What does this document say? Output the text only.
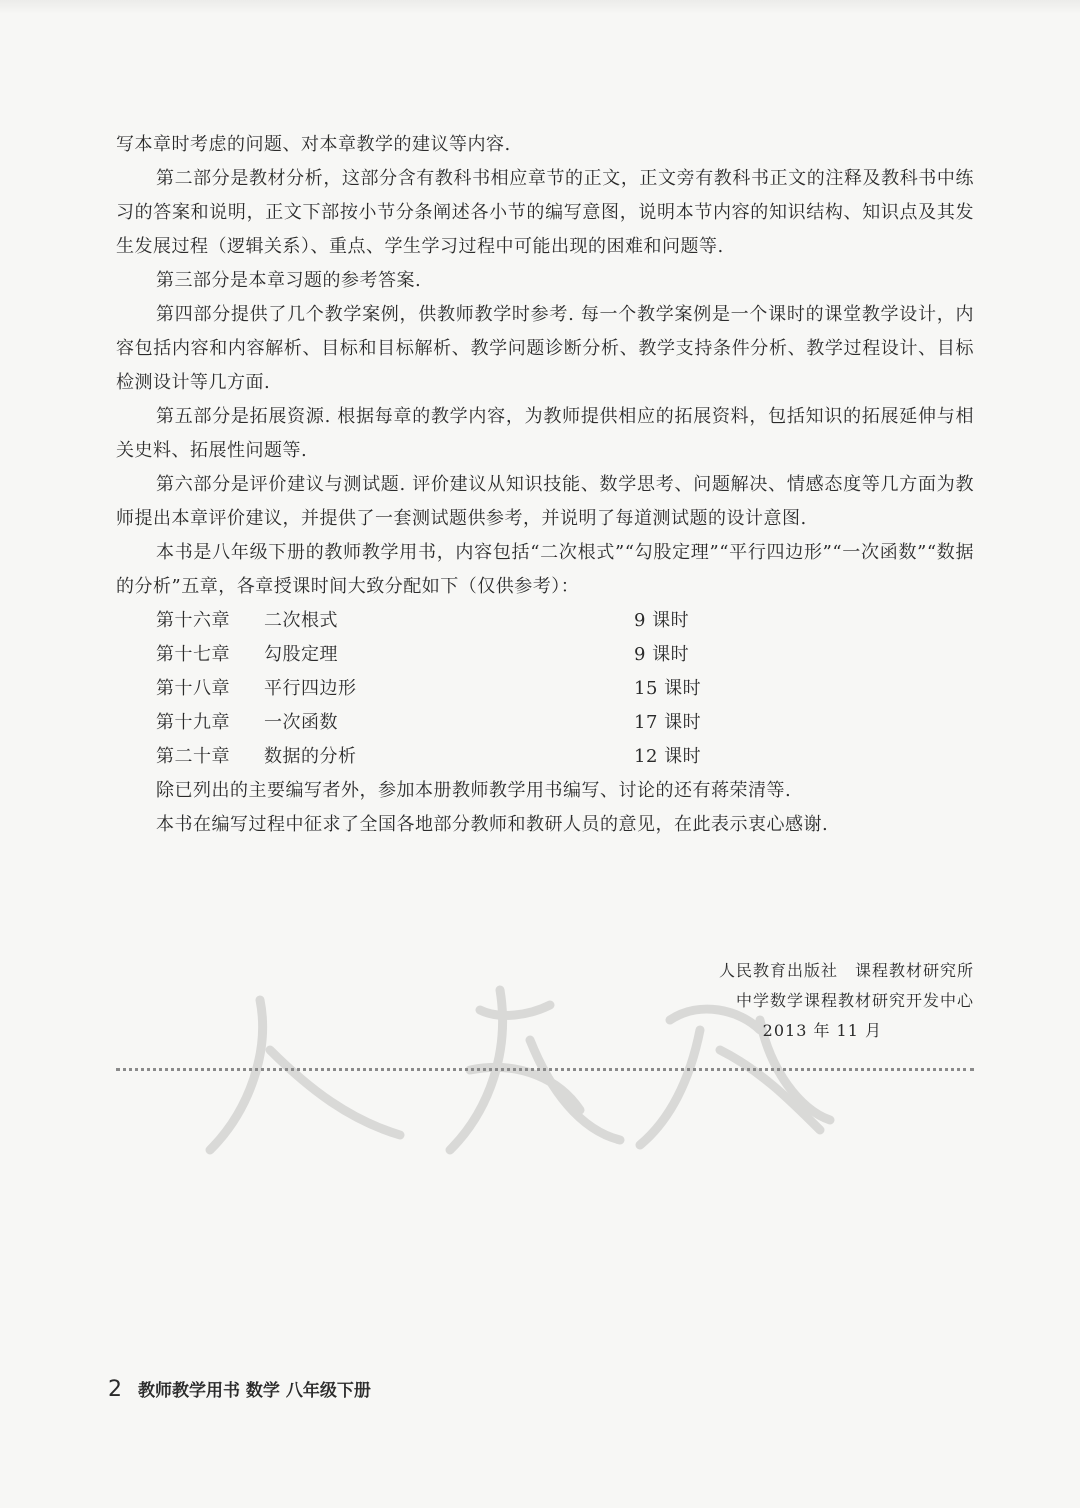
写本章时考虑的问题、对本章教学的建议等内容.

第二部分是教材分析，这部分含有教科书相应章节的正文，正文旁有教科书正文的注释及教科书中练习的答案和说明，正文下部按小节分条阐述各小节的编写意图，说明本节内容的知识结构、知识点及其发生发展过程（逻辑关系）、重点、学生学习过程中可能出现的困难和问题等.

第三部分是本章习题的参考答案.

第四部分提供了几个教学案例，供教师教学时参考. 每一个教学案例是一个课时的课堂教学设计，内容包括内容和内容解析、目标和目标解析、教学问题诊断分析、教学支持条件分析、教学过程设计、目标检测设计等几方面.

第五部分是拓展资源. 根据每章的教学内容，为教师提供相应的拓展资料，包括知识的拓展延伸与相关史料、拓展性问题等.

第六部分是评价建议与测试题. 评价建议从知识技能、数学思考、问题解决、情感态度等几方面为教师提出本章评价建议，并提供了一套测试题供参考，并说明了每道测试题的设计意图.

本书是八年级下册的教师教学用书，内容包括“二次根式”“勾股定理”“平行四边形”“一次函数”“数据的分析”五章，各章授课时间大致分配如下（仅供参考）：

第十六章	二次根式	9 课时
第十七章	勾股定理	9 课时
第十八章	平行四边形	15 课时
第十九章	一次函数	17 课时
第二十章	数据的分析	12 课时

除已列出的主要编写者外，参加本册教师教学用书编写、讨论的还有蒋荣清等.

本书在编写过程中征求了全国各地部分教师和教研人员的意见，在此表示衷心感谢.

人民教育出版社　课程教材研究所
中学数学课程教材研究开发中心
2013 年 11 月
2 教师教学用书 数学 八年级下册
